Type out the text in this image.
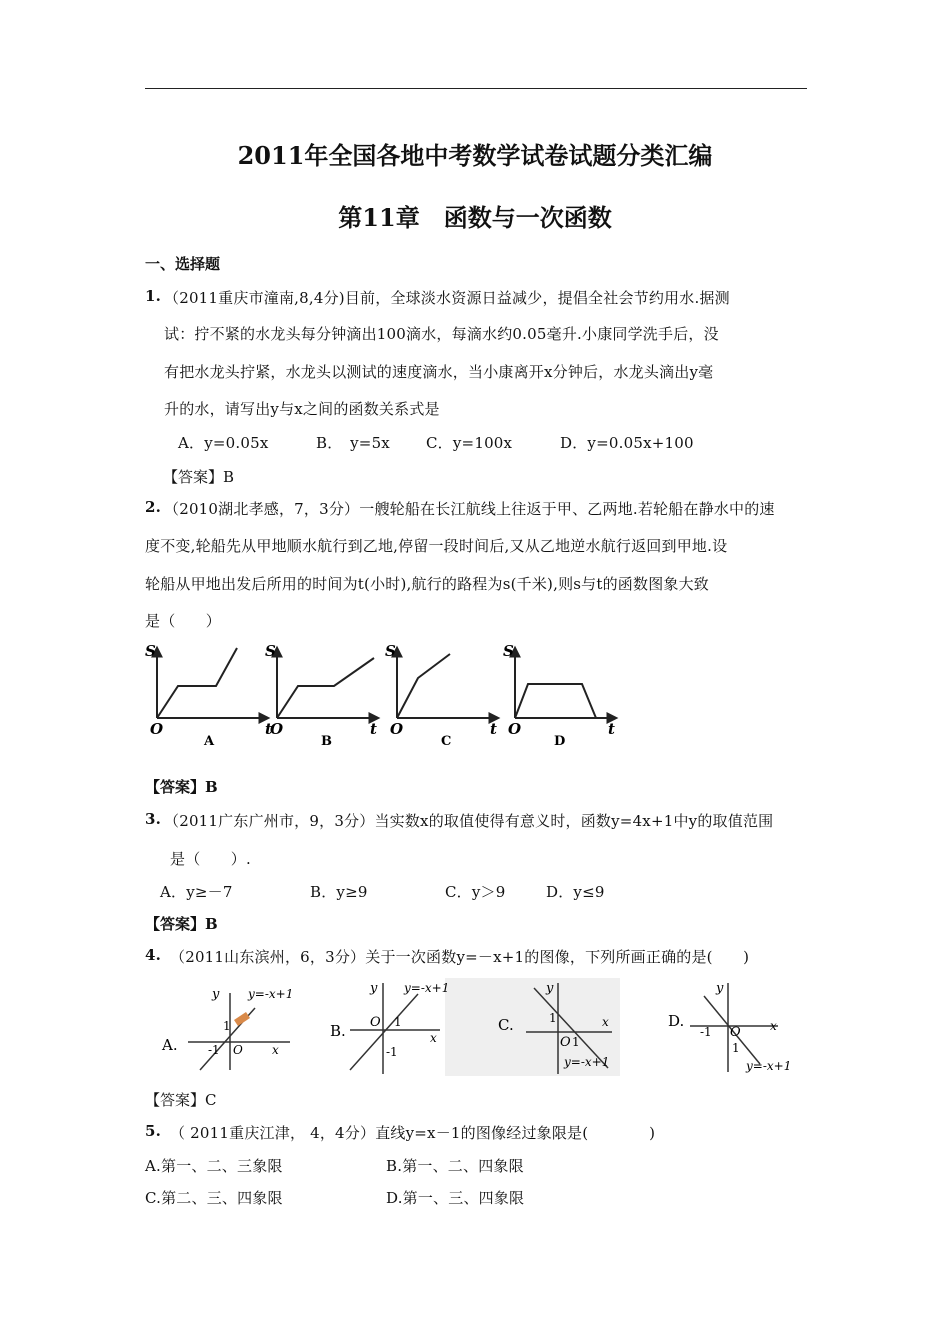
2011年全国各地中考数学试卷试题分类汇编
第11章　函数与一次函数
一、选择题
1. （2011重庆市潼南,8,4分)目前，全球淡水资源日益减少，提倡全社会节约用水.据测
试：拧不紧的水龙头每分钟滴出100滴水，每滴水约0.05毫升.小康同学洗手后，没
有把水龙头拧紧，水龙头以测试的速度滴水，当小康离开x分钟后，水龙头滴出y毫
升的水，请写出y与x之间的函数关系式是
A．y=0.05x	B．　y=5x C．y=100x	D．y=0.05x+100
【答案】B
2. （2010湖北孝感，7，3分）一艘轮船在长江航线上往返于甲、乙两地.若轮船在静水中的速
度不变,轮船先从甲地顺水航行到乙地,停留一段时间后,又从乙地逆水航行返回到甲地.设
轮船从甲地出发后所用的时间为t(小时),航行的路程为s(千米),则s与t的函数图象大致
是（　　）
S
O	t
A
S
O	t
B
S
O	t
C
S
O	t
D
【答案】B
3. （2011广东广州市，9，3分）当实数x的取值使得有意义时，函数y=4x+1中y的取值范围
是（　　）.
A．y≥－7	B．y≥9	C．y＞9	D．y≤9
【答案】B
4. （2011山东滨州，6，3分）关于一次函数y=－x+1的图像，下列所画正确的是(　　)
A.
y y=-x+1
x
O
-1
1	B.
y y=-x+1
x
O
-1
1	C.
y
y=-x+1
x
O 1
1	D.
y
y=-x+1
x
O
-1
1
【答案】C
5. （ 2011重庆江津， 4，4分）直线y=x－1的图像经过象限是(　　　　)
A.第一、二、三象限	B.第一、二、四象限
C.第二、三、四象限	D.第一、三、四象限
